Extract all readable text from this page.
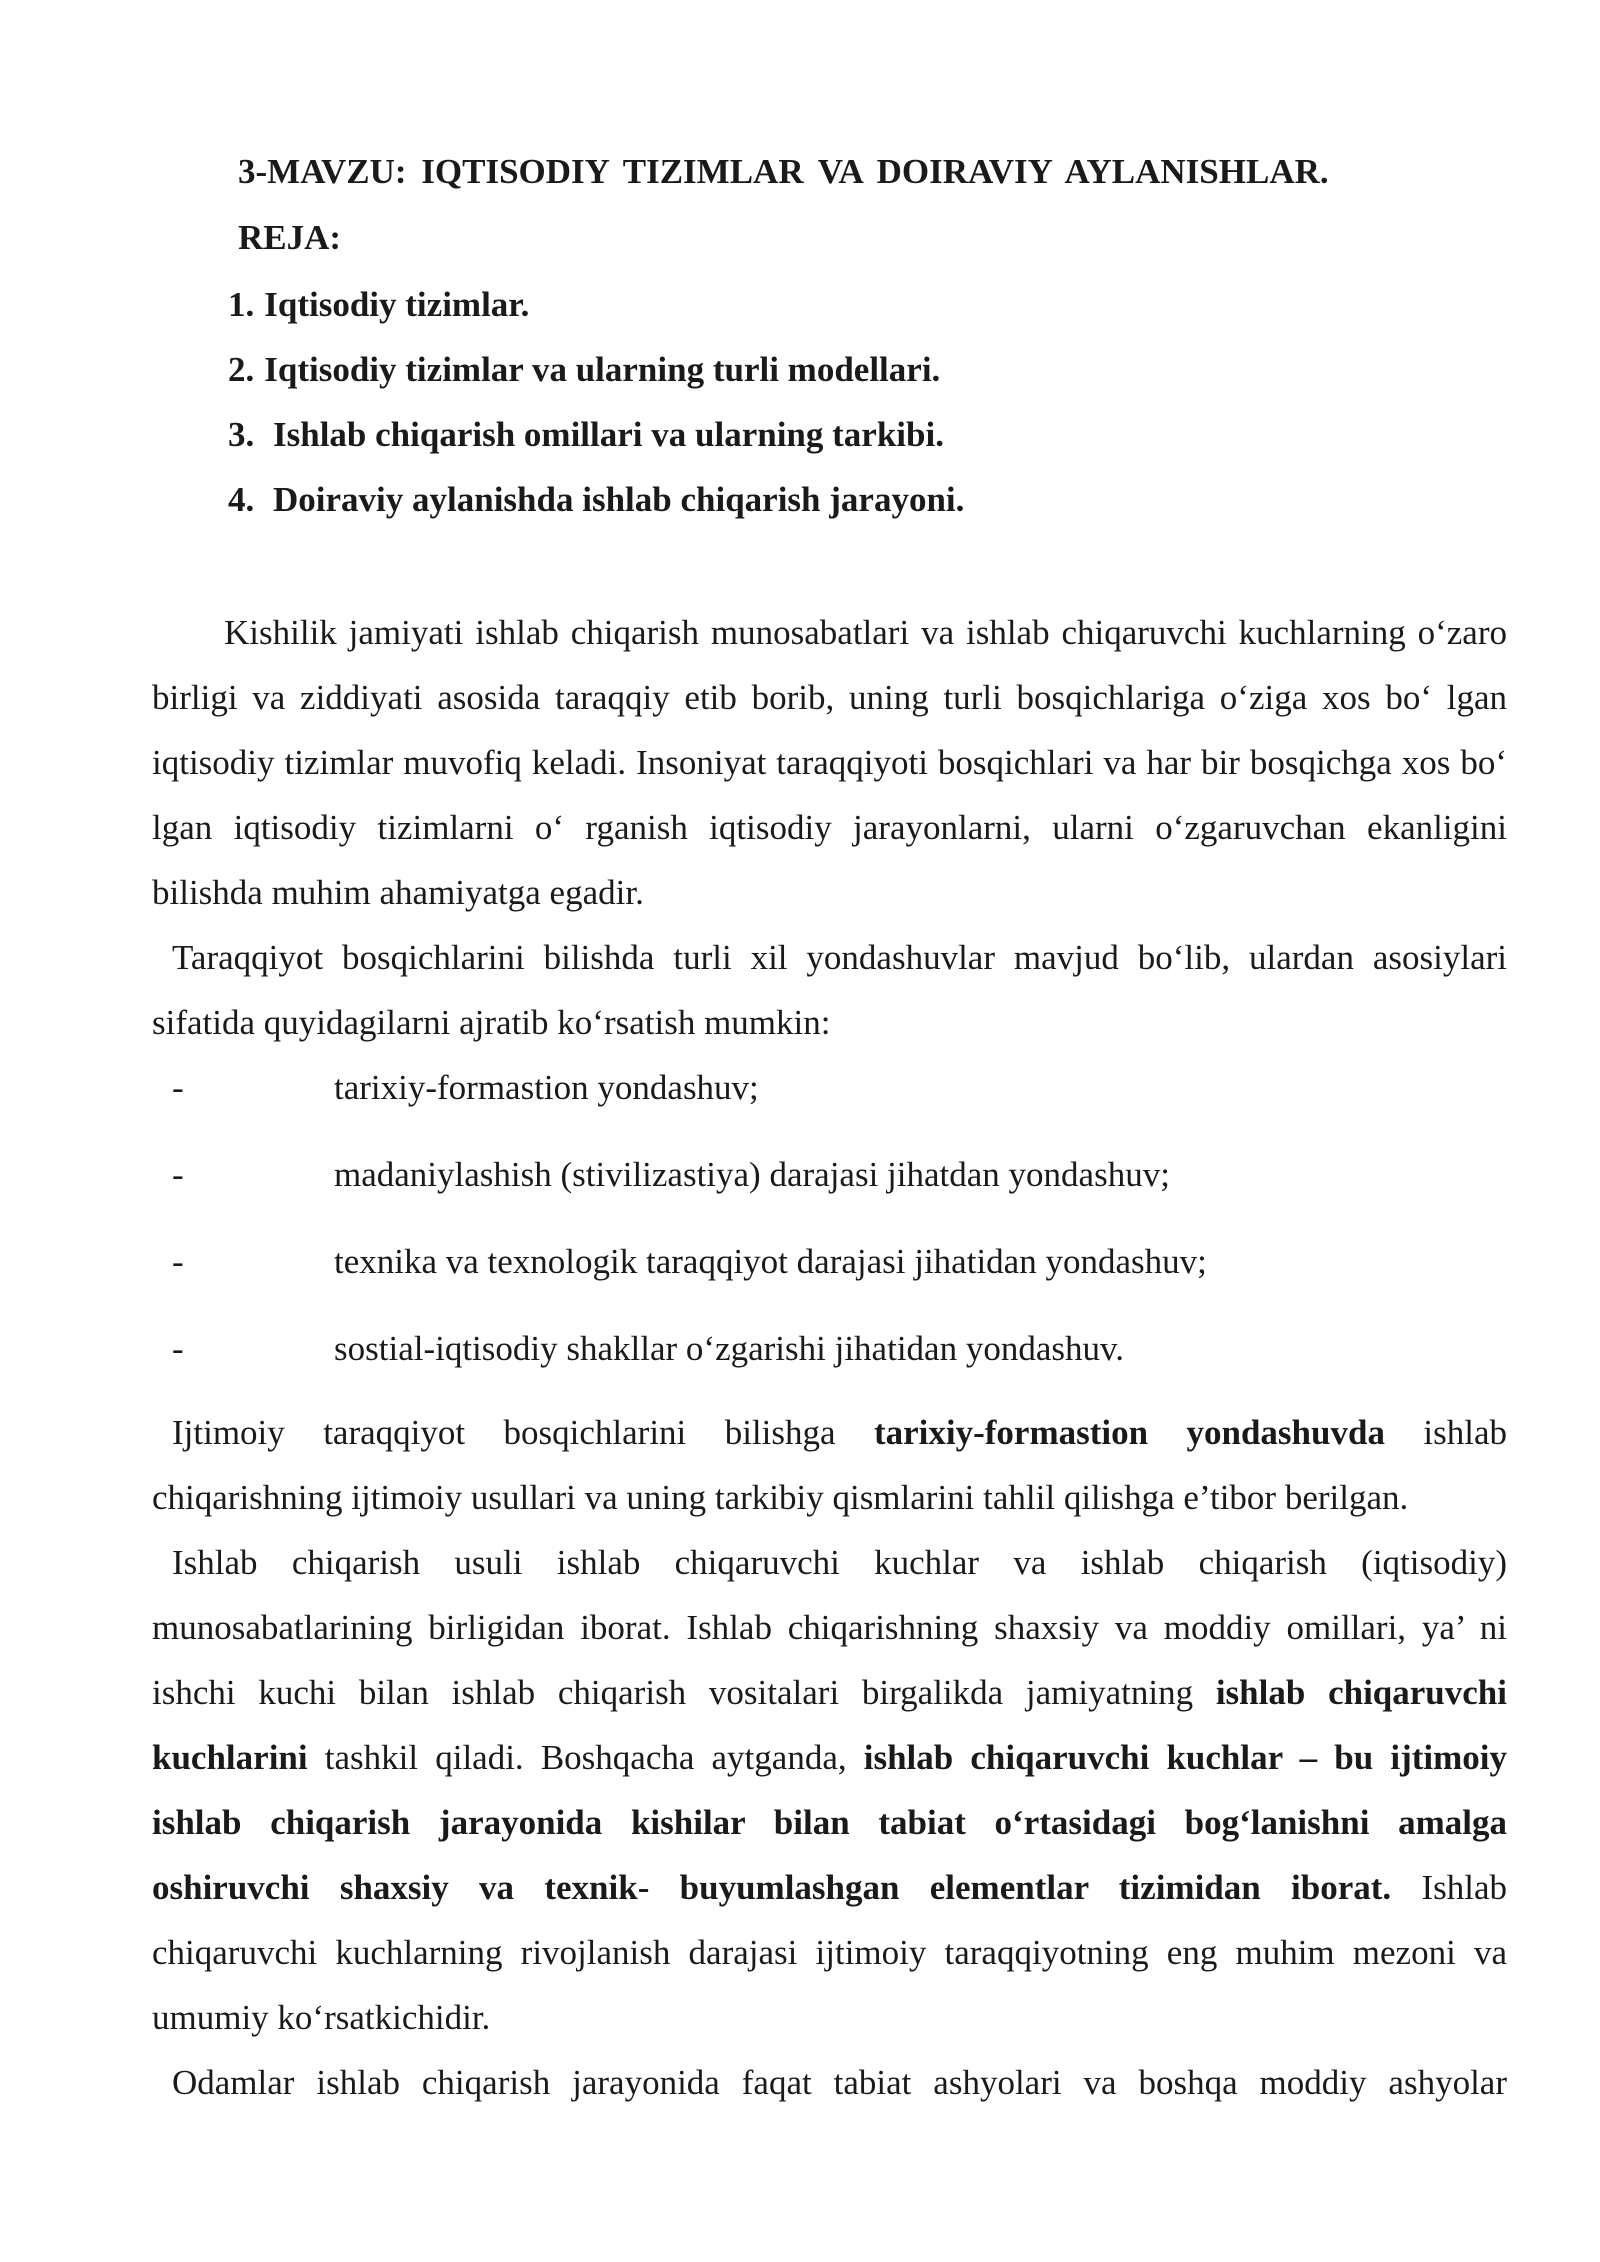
3-MAVZU: IQTISODIY TIZIMLAR VA DOIRAVIY AYLANISHLAR.
REJA:
1. Iqtisodiy tizimlar.
2. Iqtisodiy tizimlar va ularning turli modellari.
3. Ishlab chiqarish omillari va ularning tarkibi.
4. Doiraviy aylanishda ishlab chiqarish jarayoni.

Kishilik jamiyati ishlab chiqarish munosabatlari va ishlab chiqaruvchi kuchlarning o‘zaro birligi va ziddiyati asosida taraqqiy etib borib, uning turli bosqichlariga o‘ziga xos bo‘ lgan iqtisodiy tizimlar muvofiq keladi. Insoniyat taraqqiyoti bosqichlari va har bir bosqichga xos bo‘ lgan iqtisodiy tizimlarni o‘ rganish iqtisodiy jarayonlarni, ularni o‘zgaruvchan ekanligini bilishda muhim ahamiyatga egadir.

Taraqqiyot bosqichlarini bilishda turli xil yondashuvlar mavjud bo‘lib, ulardan asosiylari sifatida quyidagilarni ajratib ko‘rsatish mumkin:

-	tarixiy-formastion yondashuv;
-	madaniylashish (stivilizastiya) darajasi jihatdan yondashuv;
-	texnika va texnologik taraqqiyot darajasi jihatidan yondashuv;
-	sostial-iqtisodiy shakllar o‘zgarishi jihatidan yondashuv.

Ijtimoiy taraqqiyot bosqichlarini bilishga tarixiy-formastion yondashuvda ishlab chiqarishning ijtimoiy usullari va uning tarkibiy qismlarini tahlil qilishga e’tibor berilgan.

Ishlab chiqarish usuli ishlab chiqaruvchi kuchlar va ishlab chiqarish (iqtisodiy) munosabatlarining birligidan iborat. Ishlab chiqarishning shaxsiy va moddiy omillari, ya’ ni ishchi kuchi bilan ishlab chiqarish vositalari birgalikda jamiyatning ishlab chiqaruvchi kuchlarini tashkil qiladi. Boshqacha aytganda, ishlab chiqaruvchi kuchlar – bu ijtimoiy ishlab chiqarish jarayonida kishilar bilan tabiat o‘rtasidagi bog‘lanishni amalga oshiruvchi shaxsiy va texnik- buyumlashgan elementlar tizimidan iborat. Ishlab chiqaruvchi kuchlarning rivojlanish darajasi ijtimoiy taraqqiyotning eng muhim mezoni va umumiy ko‘rsatkichidir.

Odamlar ishlab chiqarish jarayonida faqat tabiat ashyolari va boshqa moddiy ashyolar
